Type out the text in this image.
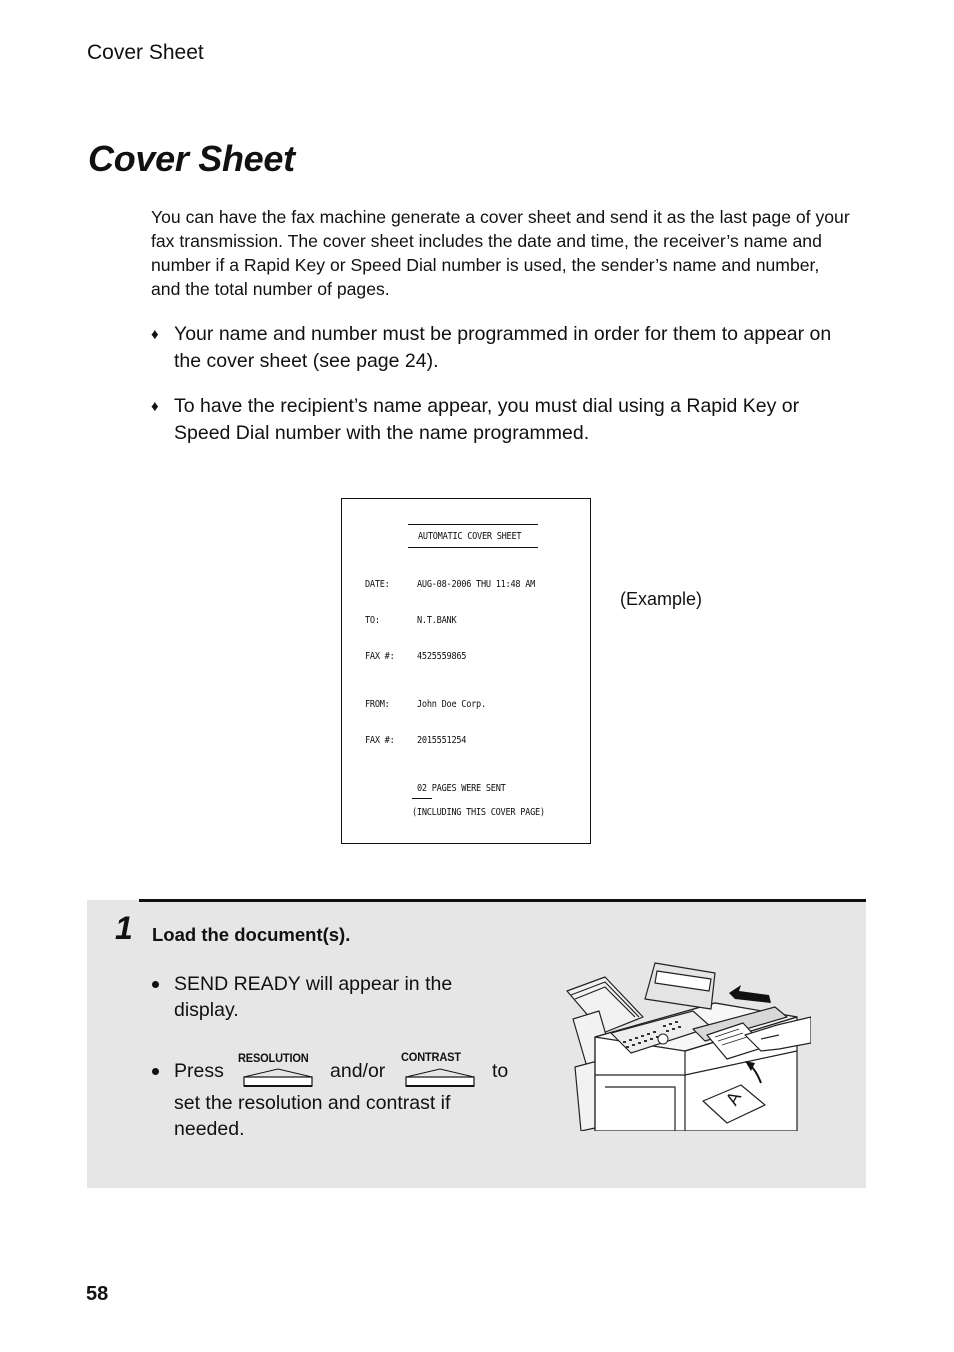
Cover Sheet
Cover Sheet
You can have the fax machine generate a cover sheet and send it as the last page of your fax transmission. The cover sheet includes the date and time, the receiver’s name and number if a Rapid Key or Speed Dial number is used, the sender’s name and number, and the total number of pages.
♦ Your name and number must be programmed in order for them to appear on the cover sheet (see page 24).
♦ To have the recipient’s name appear, you must dial using a Rapid Key or Speed Dial number with the name programmed.
AUTOMATIC COVER SHEET
DATE:	AUG-08-2006 THU 11:48 AM
TO:	N.T.BANK
FAX #: 4525559865
FROM:	John Doe Corp.
FAX #: 2015551254
02 PAGES WERE SENT
(INCLUDING THIS COVER PAGE)
(Example)
1 Load the document(s).
SEND READY will appear in the display.
Press
RESOLUTION
and/or
CONTRAST
to
set the resolution and contrast if needed.
A
58
